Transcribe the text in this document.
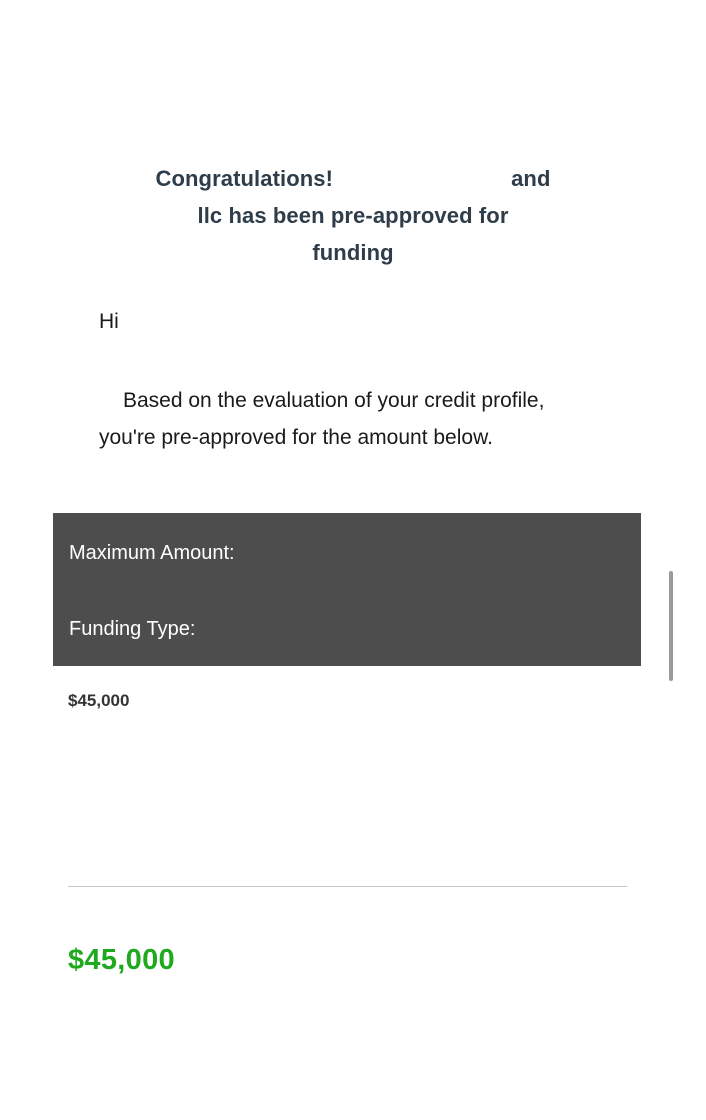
Congratulations!	and
llc has been pre-approved for
funding
Hi
Based on the evaluation of your credit profile, you're pre-approved for the amount below.
Maximum Amount:
Funding Type:
$45,000
$45,000
